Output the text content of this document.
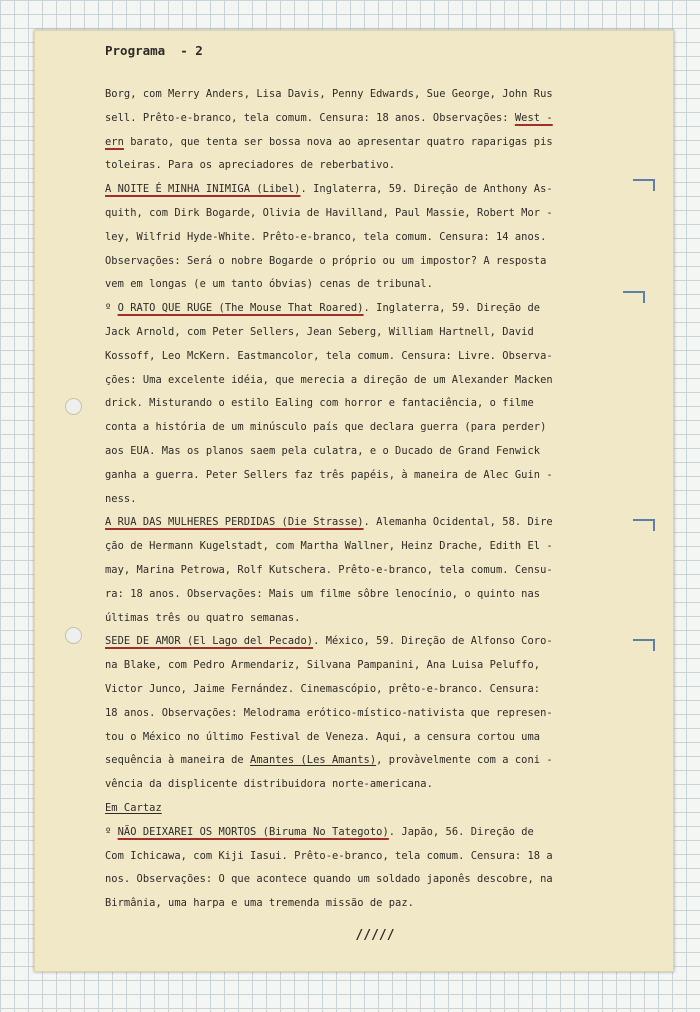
Programa  - 2
Borg, com Merry Anders, Lisa Davis, Penny Edwards, Sue George, John Rus
sell. Prêto-e-branco, tela comum. Censura: 18 anos. Observações: West -
ern barato, que tenta ser bossa nova ao apresentar quatro raparigas pis
toleiras. Para os apreciadores de reberbativo.
A NOITE É MINHA INIMIGA (Libel). Inglaterra, 59. Direção de Anthony As-
quith, com Dirk Bogarde, Olivia de Havilland, Paul Massie, Robert Mor -
ley, Wilfrid Hyde-White. Prêto-e-branco, tela comum. Censura: 14 anos.
Observações: Será o nobre Bogarde o próprio ou um impostor? A resposta
vem em longas (e um tanto óbvias) cenas de tribunal.
º O RATO QUE RUGE (The Mouse That Roared). Inglaterra, 59. Direção de
Jack Arnold, com Peter Sellers, Jean Seberg, William Hartnell, David
Kossoff, Leo McKern. Eastmancolor, tela comum. Censura: Livre. Observa-
ções: Uma excelente idéia, que merecia a direção de um Alexander Macken
drick. Misturando o estilo Ealing com horror e fantaciência, o filme
conta a história de um minúsculo país que declara guerra (para perder)
aos EUA. Mas os planos saem pela culatra, e o Ducado de Grand Fenwick
ganha a guerra. Peter Sellers faz três papéis, à maneira de Alec Guin -
ness.
A RUA DAS MULHERES PERDIDAS (Die Strasse). Alemanha Ocidental, 58. Dire
ção de Hermann Kugelstadt, com Martha Wallner, Heinz Drache, Edith El -
may, Marina Petrowa, Rolf Kutschera. Prêto-e-branco, tela comum. Censu-
ra: 18 anos. Observações: Mais um filme sôbre lenocínio, o quinto nas
últimas três ou quatro semanas.
SEDE DE AMOR (El Lago del Pecado). México, 59. Direção de Alfonso Coro-
na Blake, com Pedro Armendariz, Silvana Pampanini, Ana Luisa Peluffo,
Victor Junco, Jaime Fernández. Cinemascópio, prêto-e-branco. Censura:
18 anos. Observações: Melodrama erótico-místico-nativista que represen-
tou o México no último Festival de Veneza. Aqui, a censura cortou uma
sequência à maneira de Amantes (Les Amants), provàvelmente com a coni -
vência da displicente distribuidora norte-americana.
Em Cartaz
º NÃO DEIXAREI OS MORTOS (Biruma No Tategoto). Japão, 56. Direção de
Com Ichicawa, com Kiji Iasui. Prêto-e-branco, tela comum. Censura: 18 a
nos. Observações: O que acontece quando um soldado japonês descobre, na
Birmânia, uma harpa e uma tremenda missão de paz.
/////
